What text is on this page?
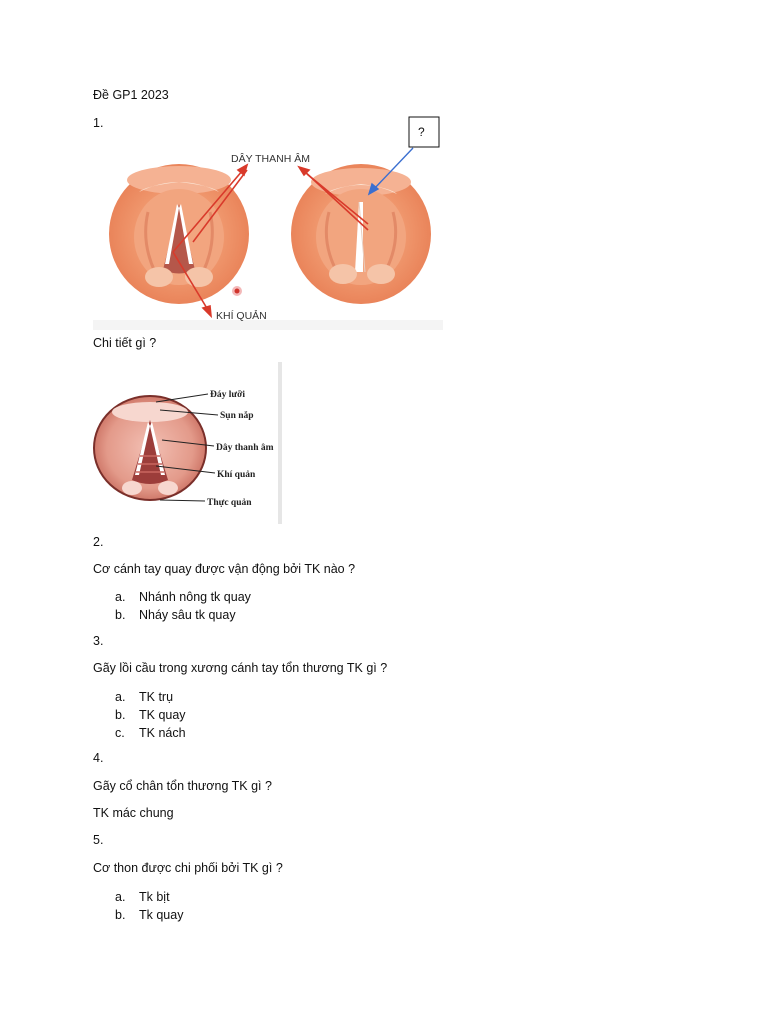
Đề GP1 2023
1.
DÂY THANH ÂM
KHÍ QUẢN
?
Chi tiết gì ?
Đáy lưỡi
Sụn nắp
Dây thanh âm
Khí quản
Thực quản
2.
Cơ cánh tay quay được vận động bởi TK nào ?
a. Nhánh nông tk quay
b. Nháy sâu tk quay
3.
Gãy lồi cầu trong xương cánh tay tổn thương TK gì ?
a. TK trụ
b. TK quay
c. TK nách
4.
Gãy cổ chân tổn thương TK gì ?
TK mác chung
5.
Cơ thon được chi phối bởi TK gì ?
a. Tk bịt
b. Tk quay
